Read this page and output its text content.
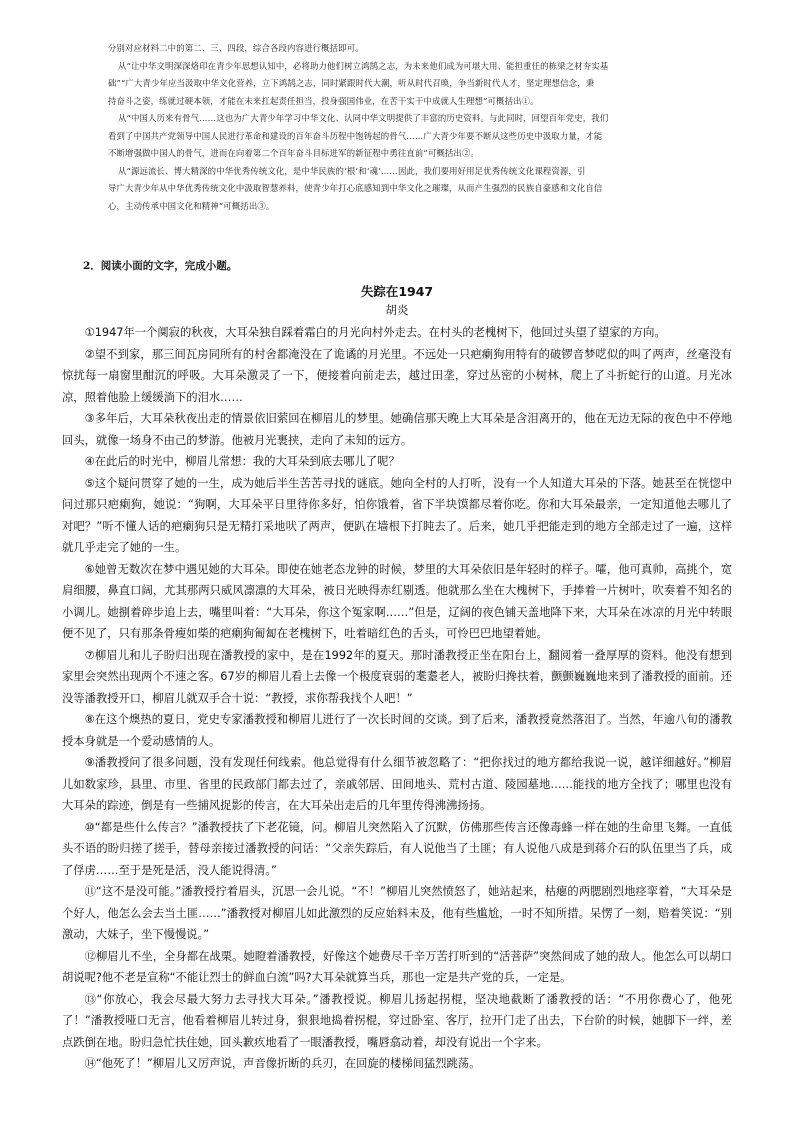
分别对应材料二中的第二、三、四段，综合各段内容进行概括即可。

从“让中华文明深深烙印在青少年思想认知中，必将助力他们树立鸿鹄之志，为未来他们成为可堪大用、能担重任的栋梁之材夯实基

础”“广大青少年应当汲取中华文化营养，立下鸿鹄之志，同时紧跟时代大潮，听从时代召唤，争当新时代人才，坚定理想信念，秉

持奋斗之姿，练就过硬本领，才能在未来扛起责任担当，投身强国伟业，在苦干实干中成就人生理想”可概括出①。

从“中国人历来有骨气……这也为广大青少年学习中华文化、认同中华文明提供了丰富的历史资料。与此同时，回望百年党史，我们

看到了中国共产党领导中国人民进行革命和建设的百年奋斗历程中饱铸起的骨气……广大青少年要不断从这些历史中汲取力量，才能

不断增强做中国人的骨气，进而在向着第二个百年奋斗目标进军的新征程中勇往直前”可概括出②。

从“源远流长、博大精深的中华优秀传统文化，是中华民族的‘根’和‘魂’……因此，我们要用好用足优秀传统文化课程资源，引

导广大青少年从中华优秀传统文化中汲取智慧养料，使青少年打心底感知到中华文化之璀璨，从而产生强烈的民族自豪感和文化自信

心，主动传承中国文化和精神”可概括出③。

2．阅读小面的文字，完成小题。
失踪在1947
胡炎

①1947年一个阒寂的秋夜，大耳朵独自踩着霜白的月光向村外走去。在村头的老槐树下，他回过头望了望家的方向。

②望不到家，那三间瓦房同所有的村舍都淹没在了诡谲的月光里。不远处一只疤瘌狗用特有的破锣音梦呓似的叫了两声，丝毫没有惊扰每一扇窗里酣沉的呼吸。大耳朵激灵了一下，便接着向前走去，越过田垄，穿过丛密的小树林，爬上了斗折蛇行的山道。月光冰凉，照着他脸上缓缓淌下的泪水……

③多年后，大耳朵秋夜出走的情景依旧萦回在柳眉儿的梦里。她确信那天晚上大耳朵是含泪离开的，他在无边无际的夜色中不停地回头，就像一场身不由己的梦游。他被月光裹挟，走向了未知的远方。

④在此后的时光中，柳眉儿常想：我的大耳朵到底去哪儿了呢？

⑤这个疑问贯穿了她的一生，成为她后半生苦苦寻找的谜底。她向全村的人打听，没有一个人知道大耳朵的下落。她甚至在恍惚中问过那只疤瘌狗，她说：“狗啊，大耳朵平日里待你多好，怕你饿着，省下半块馍都尽着你吃。你和大耳朵最亲，一定知道他去哪儿了对吧？”听不懂人话的疤瘌狗只是无精打采地吠了两声，便趴在墙根下打盹去了。后来，她几乎把能走到的地方全部走过了一遍，这样就几乎走完了她的一生。

⑥她曾无数次在梦中遇见她的大耳朵。即使在她老态龙钟的时候，梦里的大耳朵依旧是年轻时的样子。嚯，他可真帅，高挑个，宽肩细腰，鼻直口阔，尤其那两只威风凛凛的大耳朵，被日光映得赤红剔透。他就那么坐在大槐树下，手捧着一片树叶，吹奏着不知名的小调儿。她捌着碎步追上去，嘴里叫着：“大耳朵，你这个冤家啊……”但是，辽阔的夜色铺天盖地降下来，大耳朵在冰凉的月光中转眼便不见了，只有那条骨瘦如柴的疤瘌狗匍匐在老槐树下，吐着暗红色的舌头，可怜巴巴地望着她。

⑦柳眉儿和儿子盼归出现在潘教授的家中，是在1992年的夏天。那时潘教授正坐在阳台上，翻阅着一叠厚厚的资料。他没有想到家里会突然出现两个不速之客。67岁的柳眉儿看上去像一个极度衰弱的耄耋老人，被盼归搀扶着，颤颤巍巍地来到了潘教授的面前。还没等潘教授开口，柳眉儿就双手合十说：“教授，求你帮我找个人吧！”

⑧在这个燠热的夏日，党史专家潘教授和柳眉儿进行了一次长时间的交谈。到了后来，潘教授竟然落泪了。当然，年逾八旬的潘教授本身就是一个爱动感情的人。

⑨潘教授问了很多问题，没有发现任何线索。他总觉得有什么细节被忽略了：“把你找过的地方都给我说一说，越详细越好。”柳眉儿如数家珍，县里、市里、省里的民政部门都去过了，亲戚邻居、田间地头、荒村古道、陵园墓地……能找的地方全找了；哪里也没有大耳朵的踪迹，倒是有一些捕风捉影的传言，在大耳朵出走后的几年里传得沸沸扬扬。

⑩“都是些什么传言？”潘教授扶了下老花镜，问。柳眉儿突然陷入了沉默，仿佛那些传言还像毒蜂一样在她的生命里飞舞。一直低头不语的盼归搓了搓手，替母亲接过潘教授的问话：“父亲失踪后，有人说他当了土匪；有人说他八成是到蒋介石的队伍里当了兵，成了俘虏……至于是死是活，没人能说得清。”

⑪“这不是没可能。”潘教授拧着眉头，沉思一会儿说。“不！”柳眉儿突然愤怒了，她站起来，枯瘪的两腮剧烈地痉挛着，“大耳朵是个好人，他怎么会去当土匪……”潘教授对柳眉儿如此激烈的反应始料未及，他有些尴尬，一时不知所措。呆愣了一刻，赔着笑说：“别激动，大妹子，坐下慢慢说。”

⑫柳眉儿不坐，全身都在战栗。她瞪着潘教授，好像这个她费尽千辛万苦打听到的“活菩萨”突然间成了她的敌人。他怎么可以胡口胡说呢?他不老是宣称“不能让烈士的鲜血白流”吗?大耳朵就算当兵，那也一定是共产党的兵，一定是。

⑬“你放心，我会尽最大努力去寻找大耳朵。”潘教授说。柳眉儿扬起拐棍，坚决地截断了潘教授的话：“不用你费心了，他死了！”潘教授哑口无言，他看着柳眉儿转过身，狠狠地捣着拐棍，穿过卧室、客厅，拉开门走了出去，下台阶的时候，她脚下一绊，差点跌倒在地。盼归急忙扶住她，回头歉疚地看了一眼潘教授，嘴唇翕动着，却没有说出一个字来。

⑭“他死了！”柳眉儿又厉声说，声音像折断的兵刃，在回旋的楼梯间猛烈跳荡。
